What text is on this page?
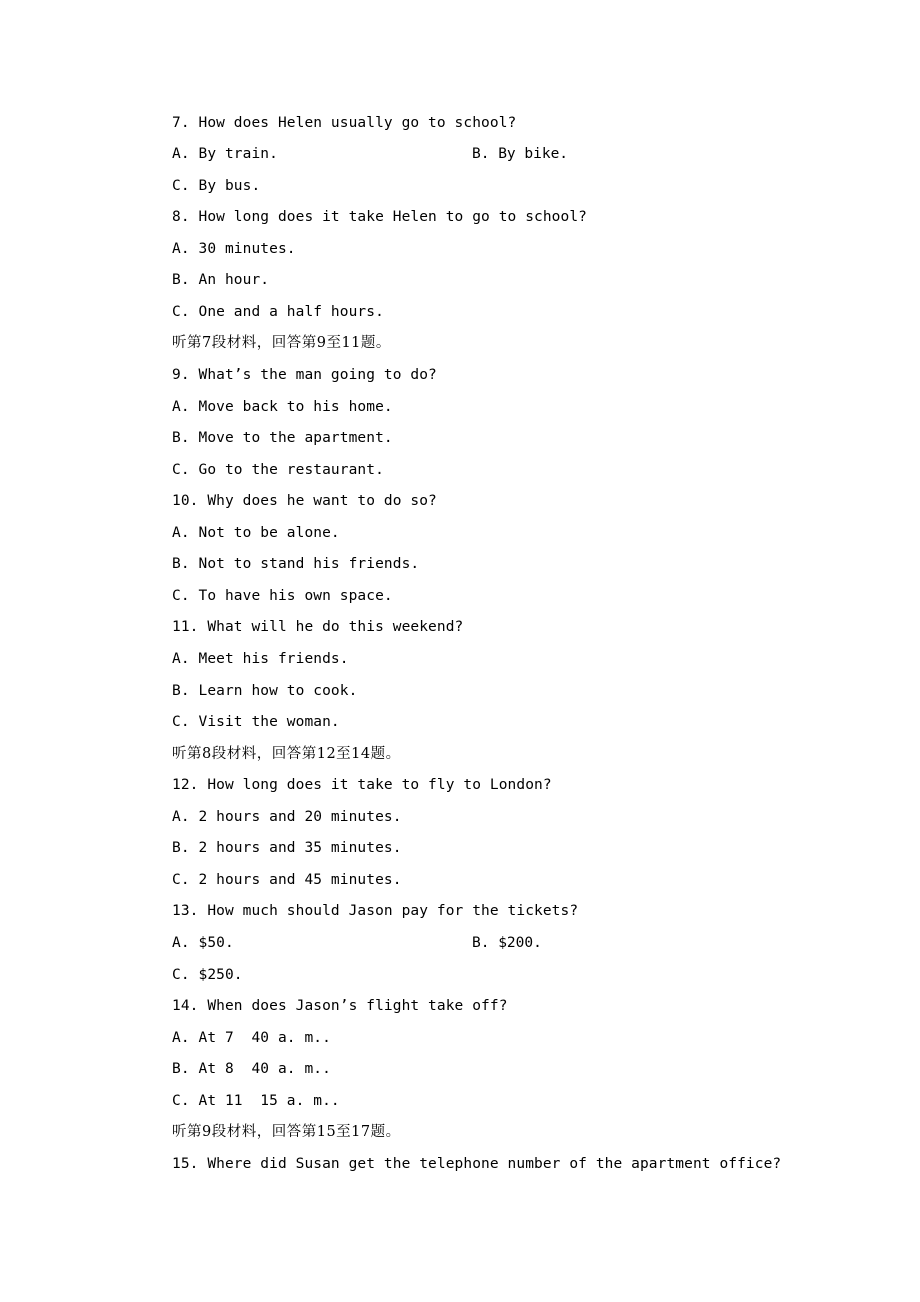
7. How does Helen usually go to school?
A. By train.	B. By bike.
C. By bus.
8. How long does it take Helen to go to school?
A. 30 minutes.
B. An hour.
C. One and a half hours.
听第7段材料，回答第9至11题。
9. What’s the man going to do?
A. Move back to his home.
B. Move to the apartment.
C. Go to the restaurant.
10. Why does he want to do so?
A. Not to be alone.
B. Not to stand his friends.
C. To have his own space.
11. What will he do this weekend?
A. Meet his friends.
B. Learn how to cook.
C. Visit the woman.
听第8段材料，回答第12至14题。
12. How long does it take to fly to London?
A. 2 hours and 20 minutes.
B. 2 hours and 35 minutes.
C. 2 hours and 45 minutes.
13. How much should Jason pay for the tickets?
A. $50.	B. $200.
C. $250.
14. When does Jason’s flight take off?
A. At 7  40 a. m..
B. At 8  40 a. m..
C. At 11  15 a. m..
听第9段材料，回答第15至17题。
15. Where did Susan get the telephone number of the apartment office?
